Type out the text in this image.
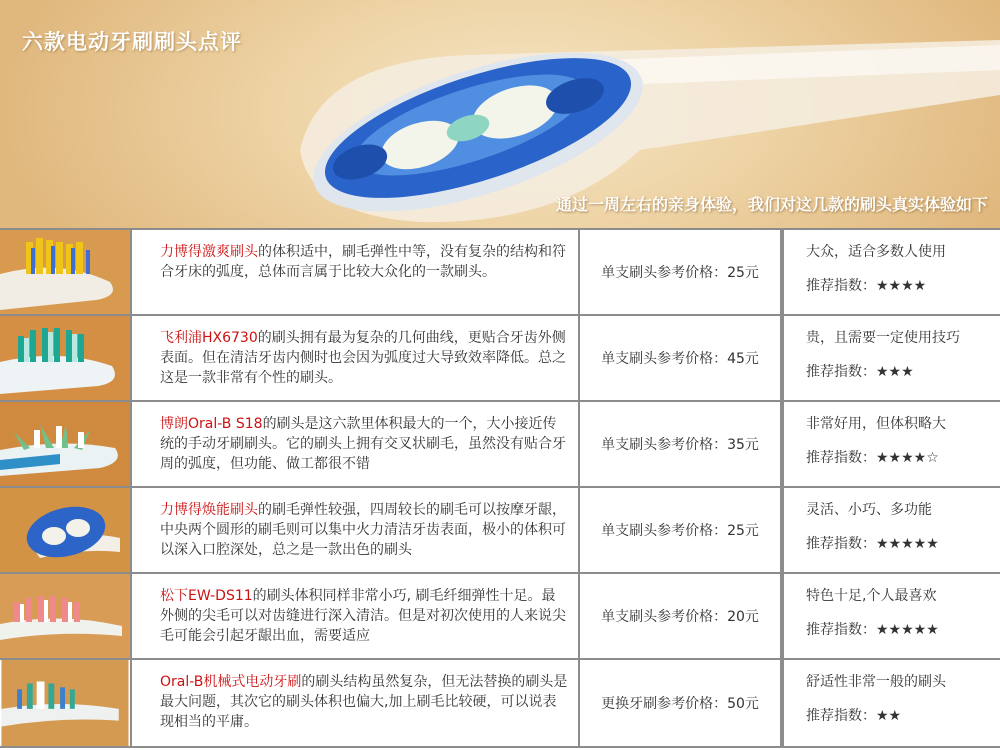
六款电动牙刷刷头点评
通过一周左右的亲身体验，我们对这几款的刷头真实体验如下

力博得激爽刷头的体积适中，刷毛弹性中等，没有复杂的结构和符合牙床的弧度，总体而言属于比较大众化的一款刷头。	单支刷头参考价格：25元
大众，适合多数人使用
推荐指数：★★★★

飞利浦HX6730的刷头拥有最为复杂的几何曲线，更贴合牙齿外侧表面。但在清洁牙齿内侧时也会因为弧度过大导致效率降低。总之这是一款非常有个性的刷头。

单支刷头参考价格：45元
贵，且需要一定使用技巧
推荐指数：★★★

博朗Oral-B S18的刷头是这六款里体积最大的一个，大小接近传统的手动牙刷刷头。它的刷头上拥有交叉状刷毛，虽然没有贴合牙周的弧度，但功能、做工都很不错

单支刷头参考价格：35元
非常好用，但体积略大
推荐指数：★★★★☆

力博得焕能刷头的刷毛弹性较强，四周较长的刷毛可以按摩牙龈，中央两个圆形的刷毛则可以集中火力清洁牙齿表面，极小的体积可以深入口腔深处，总之是一款出色的刷头

单支刷头参考价格：25元
灵活、小巧、多功能
推荐指数：★★★★★

松下EW-DS11的刷头体积同样非常小巧, 刷毛纤细弹性十足。最外侧的尖毛可以对齿缝进行深入清洁。但是对初次使用的人来说尖毛可能会引起牙龈出血，需要适应

单支刷头参考价格：20元
特色十足,个人最喜欢
推荐指数：★★★★★

Oral-B机械式电动牙刷的刷头结构虽然复杂，但无法替换的刷头是最大问题，其次它的刷头体积也偏大,加上刷毛比较硬，可以说表现相当的平庸。

更换牙刷参考价格：50元
舒适性非常一般的刷头
推荐指数：★★
